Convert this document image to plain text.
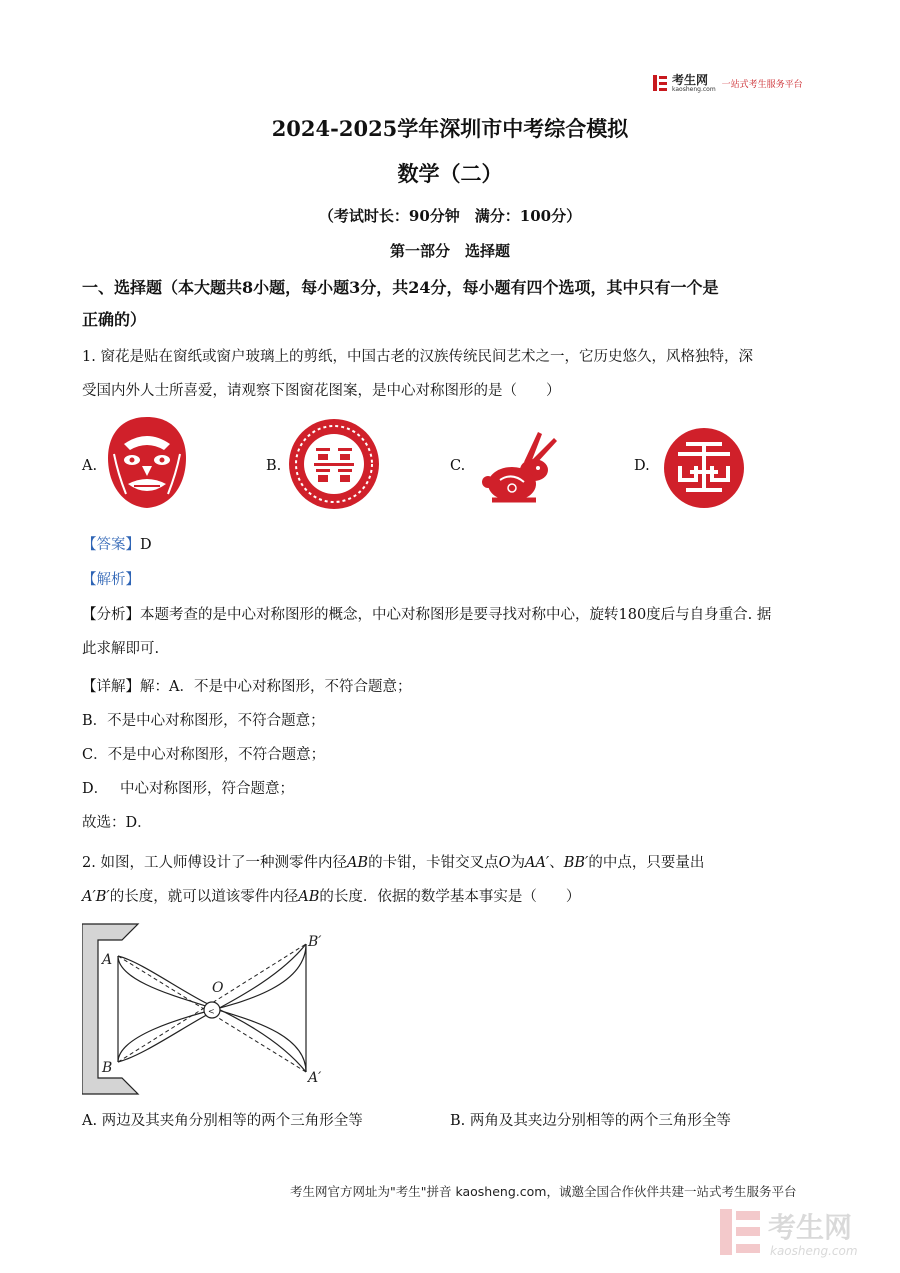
考生网
kaosheng.com 一站式考生服务平台
2024-2025学年深圳市中考综合模拟
数学（二）
（考试时长：90分钟　满分：100分）
第一部分　选择题
一、选择题（本大题共8小题，每小题3分，共24分，每小题有四个选项，其中只有一个是
正确的）
1. 窗花是贴在窗纸或窗户玻璃上的剪纸，中国古老的汉族传统民间艺术之一，它历史悠久，风格独特，深
受国内外人士所喜爱，请观察下图窗花图案，是中心对称图形的是（　　）
A.	B.	C.	D.
【答案】D
【解析】
【分析】本题考查的是中心对称图形的概念，中心对称图形是要寻找对称中心，旋转180度后与自身重合. 据
此求解即可.
【详解】解：A．不是中心对称图形，不符合题意；
B．不是中心对称图形，不符合题意；
C．不是中心对称图形，不符合题意；
D．　 中心对称图形，符合题意；
故选：D．
2. 如图，工人师傅设计了一种测零件内径AB的卡钳，卡钳交叉点O为AA′、BB′的中点，只要量出
A′B′的长度，就可以道该零件内径AB的长度．依据的数学基本事实是（　　）
<
A
B
O
A′
B′
A. 两边及其夹角分别相等的两个三角形全等	B. 两角及其夹边分别相等的两个三角形全等
考生网官方网址为"考生"拼音 kaosheng.com，诚邀全国合作伙伴共建一站式考生服务平台
考生网
kaosheng.com
